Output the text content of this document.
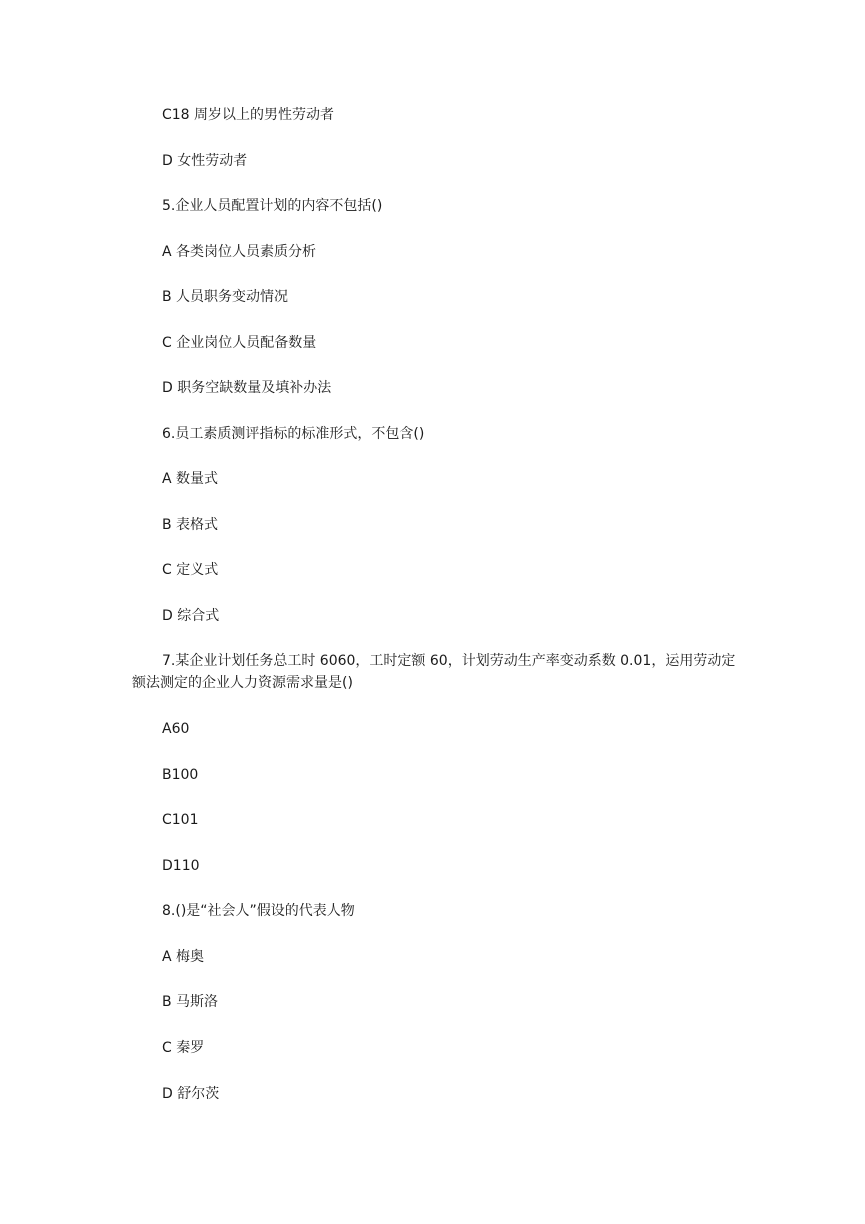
C18 周岁以上的男性劳动者
D 女性劳动者
5.企业人员配置计划的内容不包括()
A 各类岗位人员素质分析
B 人员职务变动情况
C 企业岗位人员配备数量
D 职务空缺数量及填补办法
6.员工素质测评指标的标准形式，不包含()
A 数量式
B 表格式
C 定义式
D 综合式
7.某企业计划任务总工时 6060，工时定额 60，计划劳动生产率变动系数 0.01，运用劳动定额法测定的企业人力资源需求量是()
A60
B100
C101
D110
8.()是“社会人”假设的代表人物
A 梅奥
B 马斯洛
C 秦罗
D 舒尔茨
